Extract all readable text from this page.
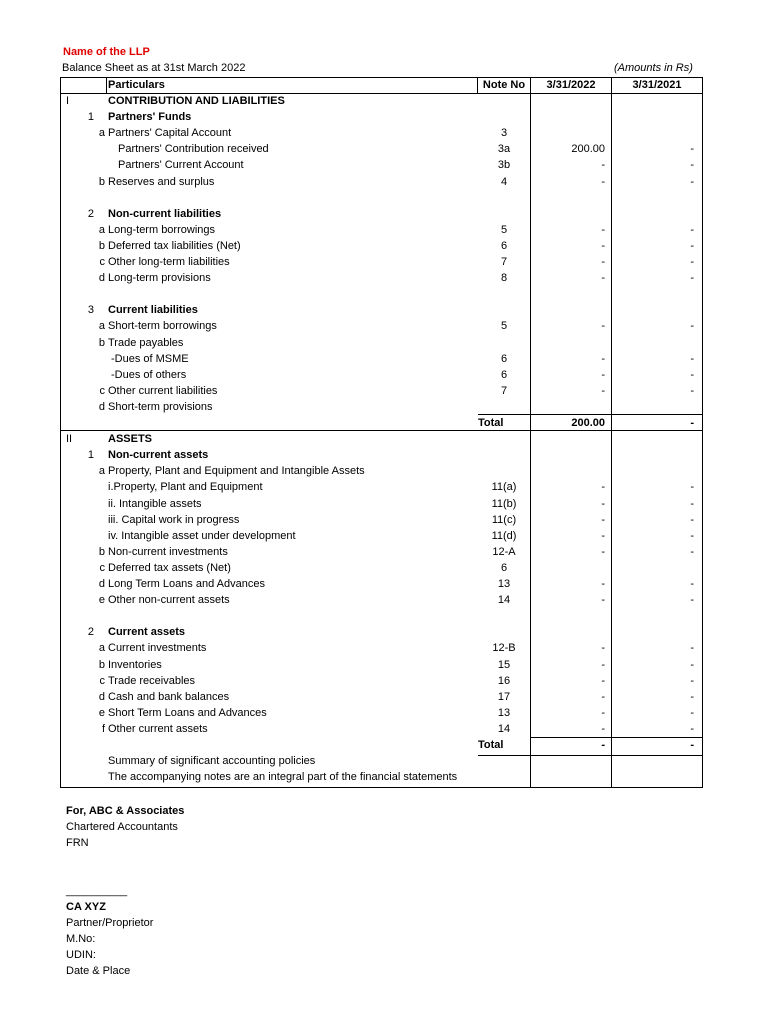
Name of the LLP
Balance Sheet as at 31st March 2022	(Amounts in Rs)
Particulars	Note No	3/31/2022	3/31/2021
I	CONTRIBUTION AND LIABILITIES
1 Partners' Funds
a Partners' Capital Account	3
Partners' Contribution received	3a	200.00	-
Partners' Current Account	3b	-	-
b Reserves and surplus	4	-	-
2 Non-current liabilities
a Long-term borrowings	5	-	-
b Deferred tax liabilities (Net)	6	-	-
c Other long-term liabilities	7	-	-
d Long-term provisions	8	-	-
3 Current liabilities
a Short-term borrowings	5	-	-
b Trade payables
-Dues of MSME	6	-	-
-Dues of others	6	-	-
c Other current liabilities	7	-	-
d Short-term provisions
Total	200.00	-
II	ASSETS
1 Non-current assets
a Property, Plant and Equipment and Intangible Assets
i.Property, Plant and Equipment	11(a)	-	-
ii. Intangible assets	11(b)	-	-
iii. Capital work in progress	11(c)	-	-
iv. Intangible asset under development	11(d)	-	-
b Non-current investments	12-A	-	-
c Deferred tax assets (Net)	6
d Long Term Loans and Advances	13	-	-
e Other non-current assets	14	-	-
2 Current assets
a Current investments	12-B	-	-
b Inventories	15	-	-
c Trade receivables	16	-	-
d Cash and bank balances	17	-	-
e Short Term Loans and Advances	13	-	-
f Other current assets	14	-	-
Total	-	-
Summary of significant accounting policies
The accompanying notes are an integral part of the financial statements
For, ABC & Associates
Chartered Accountants
FRN
__________
CA XYZ
Partner/Proprietor
M.No:
UDIN:
Date & Place
